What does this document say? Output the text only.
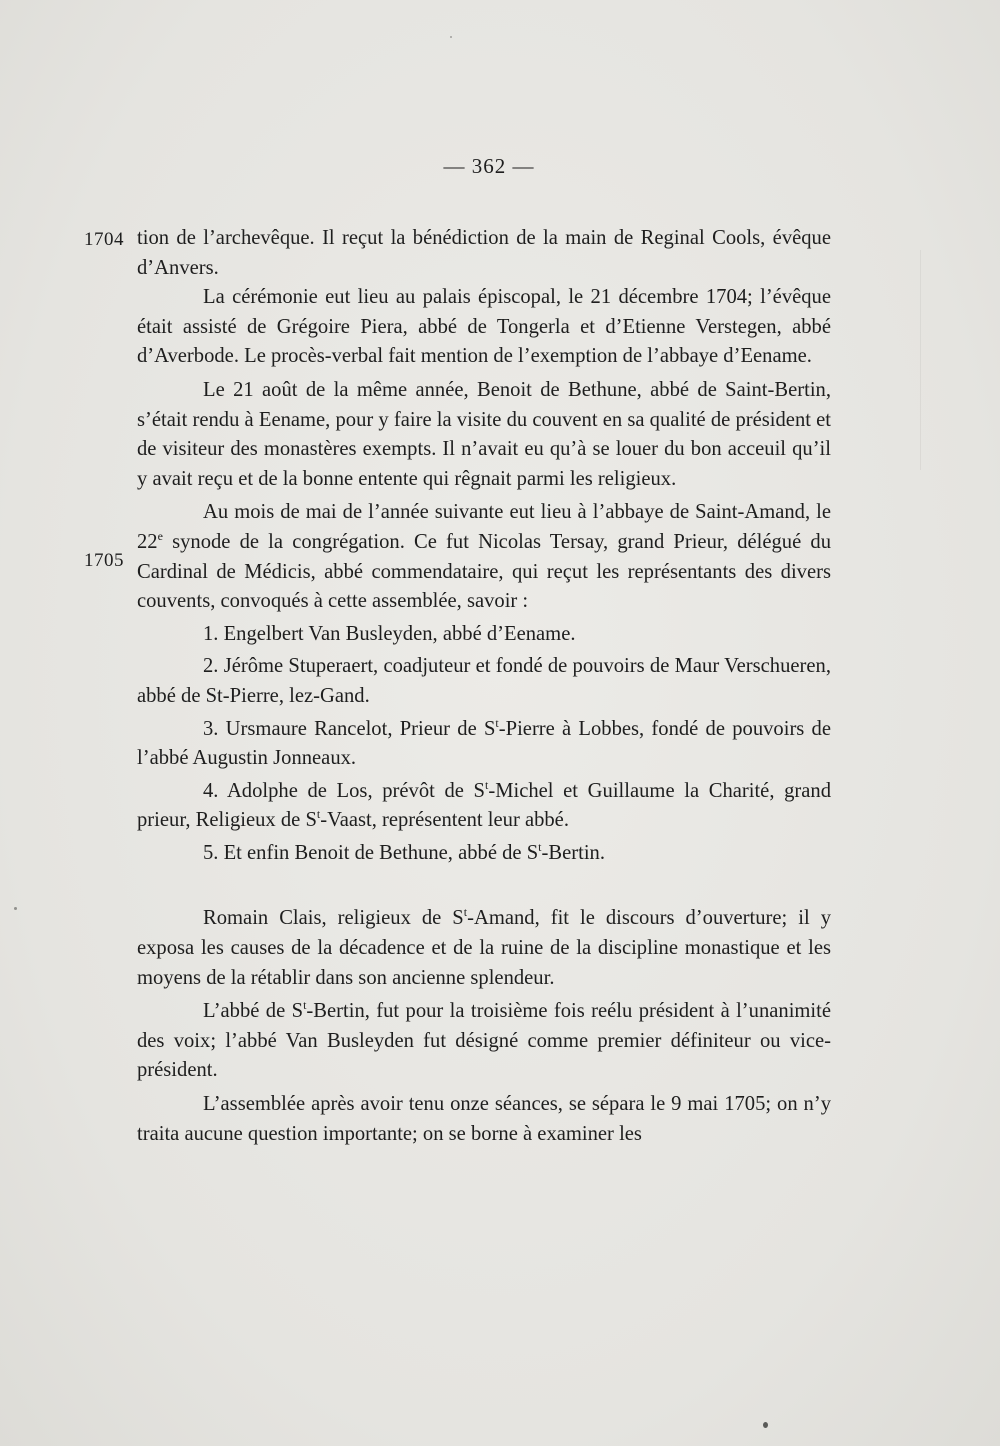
— 362 —
1704
1705

tion de l’archevêque. Il reçut la bénédiction de la main de Reginal Cools, évêque d’Anvers.

La cérémonie eut lieu au palais épiscopal, le 21 décembre 1704; l’évêque était assisté de Grégoire Piera, abbé de Tongerla et d’Etienne Verstegen, abbé d’Averbode. Le procès-verbal fait mention de l’exemption de l’abbaye d’Eename.

Le 21 août de la même année, Benoit de Bethune, abbé de Saint-Bertin, s’était rendu à Eename, pour y faire la visite du couvent en sa qualité de président et de visiteur des monastères exempts. Il n’avait eu qu’à se louer du bon acceuil qu’il y avait reçu et de la bonne entente qui rêgnait parmi les religieux.

Au mois de mai de l’année suivante eut lieu à l’abbaye de Saint-Amand, le 22e synode de la congrégation. Ce fut Nicolas Tersay, grand Prieur, délégué du Cardinal de Médicis, abbé commendataire, qui reçut les représentants des divers couvents, convoqués à cette assemblée, savoir :

1. Engelbert Van Busleyden, abbé d’Eename.

2. Jérôme Stuperaert, coadjuteur et fondé de pouvoirs de Maur Verschueren, abbé de St-Pierre, lez-Gand.

3. Ursmaure Rancelot, Prieur de $S^t$-Pierre à Lobbes, fondé de pouvoirs de l’abbé Augustin Jonneaux.

4. Adolphe de Los, prévôt de $S^t$-Michel et Guillaume la Charité, grand prieur, Religieux de $S^t$-Vaast, représentent leur abbé.

5. Et enfin Benoit de Bethune, abbé de $S^t$-Bertin.

Romain Clais, religieux de $S^t$-Amand, fit le discours d’ouverture; il y exposa les causes de la décadence et de la ruine de la discipline monastique et les moyens de la rétablir dans son ancienne splendeur.

L’abbé de $S^t$-Bertin, fut pour la troisième fois reélu président à l’unanimité des voix; l’abbé Van Busleyden fut désigné comme premier définiteur ou vice-président.

L’assemblée après avoir tenu onze séances, se sépara le 9 mai 1705; on n’y traita aucune question importante; on se borne à examiner les
